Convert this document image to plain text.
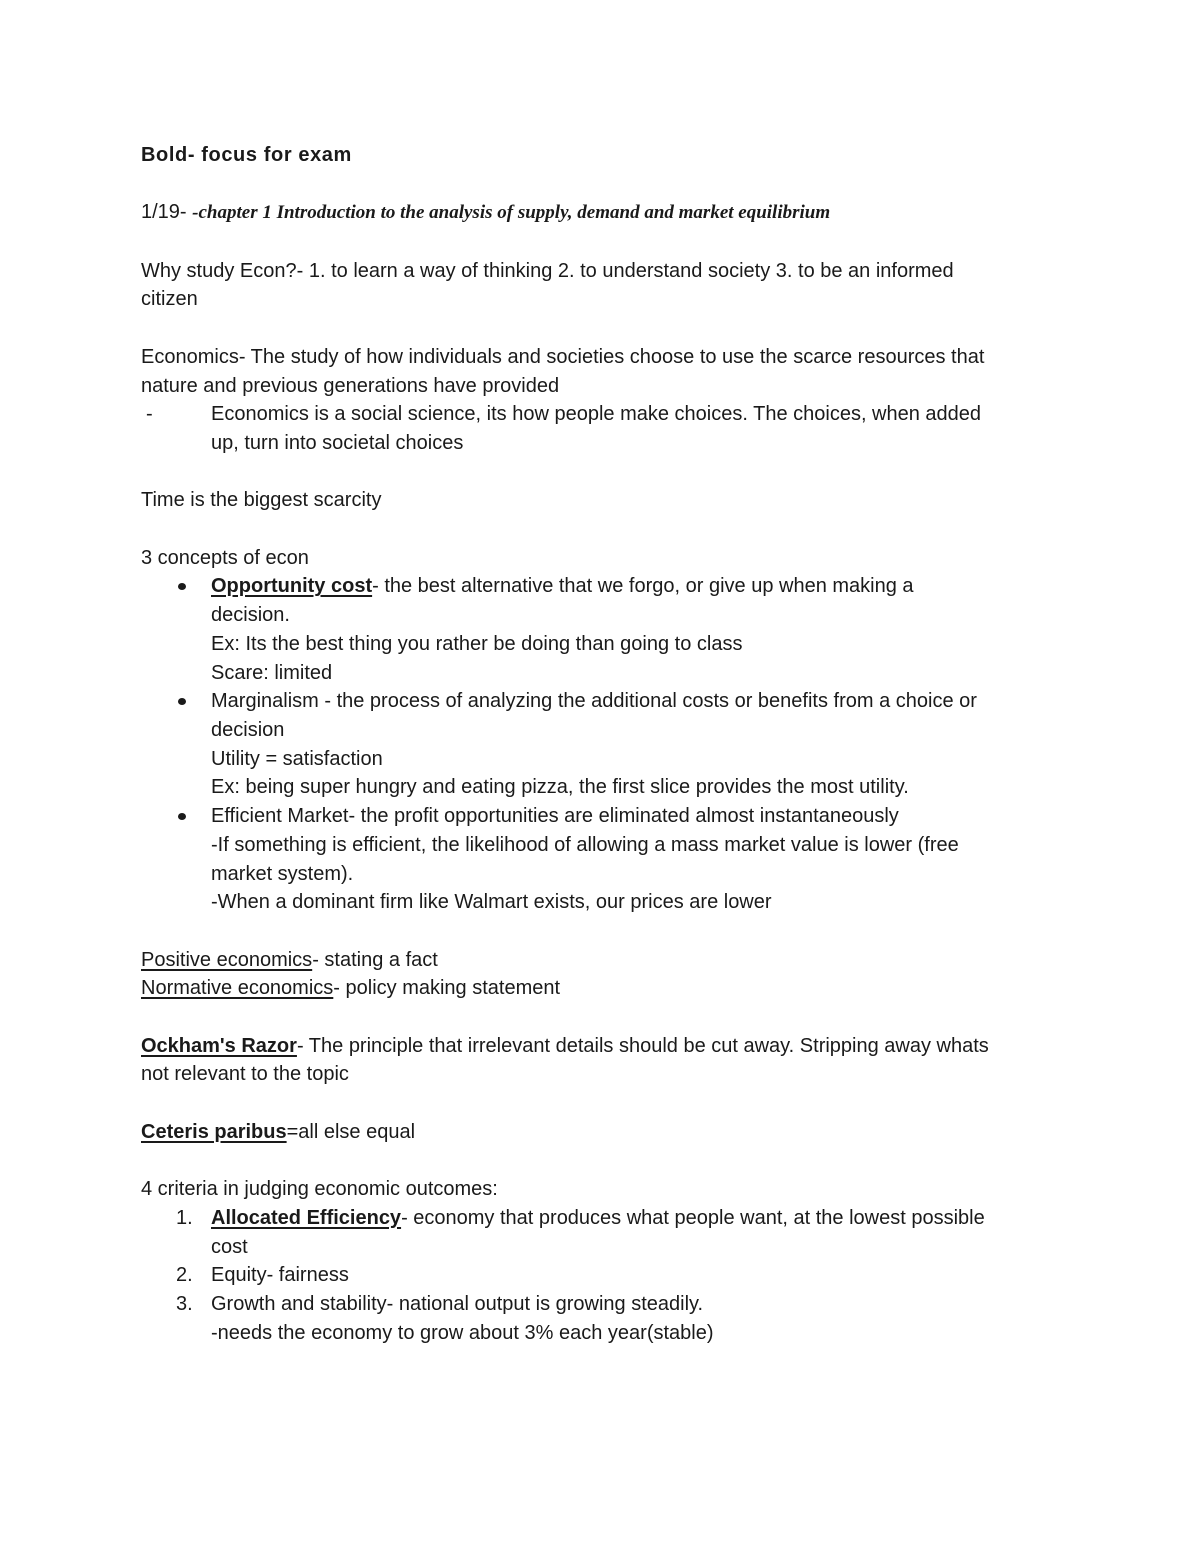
Bold- focus for exam
1/19- -chapter 1 Introduction to the analysis of supply, demand and market equilibrium
Why study Econ?- 1. to learn a way of thinking 2. to understand society 3. to be an informed
citizen
Economics- The study of how individuals and societies choose to use the scarce resources that
nature and previous generations have provided
-	Economics is a social science, its how people make choices. The choices, when added
up, turn into societal choices
Time is the biggest scarcity
3 concepts of econ
Opportunity cost- the best alternative that we forgo, or give up when making a
decision.
Ex: Its the best thing you rather be doing than going to class
Scare: limited
Marginalism - the process of analyzing the additional costs or benefits from a choice or
decision
Utility = satisfaction
Ex: being super hungry and eating pizza, the first slice provides the most utility.
Efficient Market- the profit opportunities are eliminated almost instantaneously
-If something is efficient, the likelihood of allowing a mass market value is lower (free
market system).
-When a dominant firm like Walmart exists, our prices are lower
Positive economics- stating a fact
Normative economics- policy making statement
Ockham's Razor- The principle that irrelevant details should be cut away. Stripping away whats
not relevant to the topic
Ceteris paribus=all else equal
4 criteria in judging economic outcomes:
1. Allocated Efficiency- economy that produces what people want, at the lowest possible
cost
2. Equity- fairness
3. Growth and stability- national output is growing steadily.
-needs the economy to grow about 3% each year(stable)
